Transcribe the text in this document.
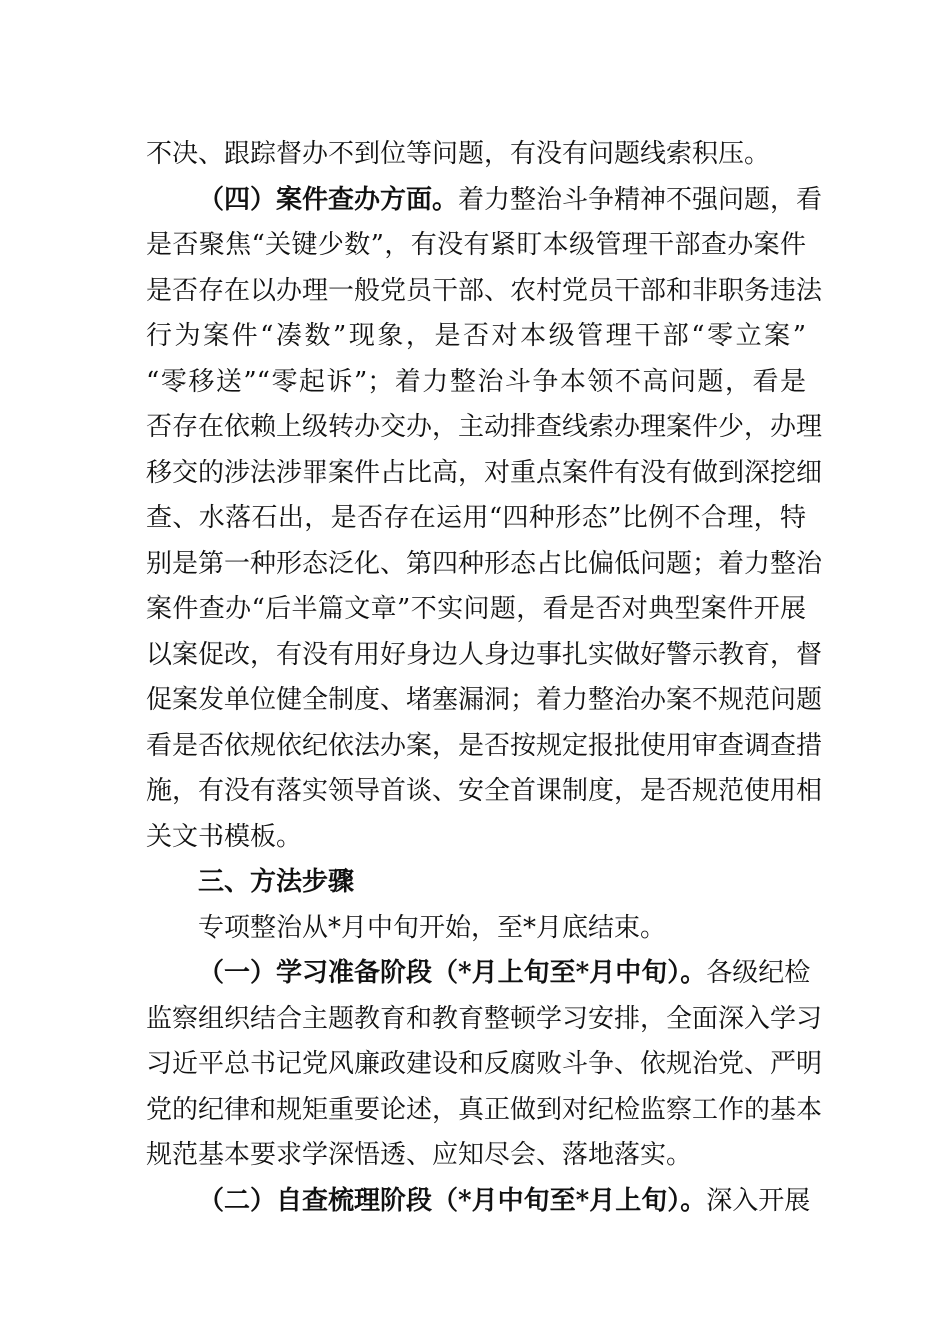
不决、跟踪督办不到位等问题，有没有问题线索积压。
（四）案件查办方面。着力整治斗争精神不强问题，看
是否聚焦“关键少数”，有没有紧盯本级管理干部查办案件
是否存在以办理一般党员干部、农村党员干部和非职务违法
行为案件“凑数”现象，是否对本级管理干部“零立案”
“零移送”“零起诉”；着力整治斗争本领不高问题，看是
否存在依赖上级转办交办，主动排查线索办理案件少，办理
移交的涉法涉罪案件占比高，对重点案件有没有做到深挖细
查、水落石出，是否存在运用“四种形态”比例不合理，特
别是第一种形态泛化、第四种形态占比偏低问题；着力整治
案件查办“后半篇文章”不实问题，看是否对典型案件开展
以案促改，有没有用好身边人身边事扎实做好警示教育，督
促案发单位健全制度、堵塞漏洞；着力整治办案不规范问题
看是否依规依纪依法办案，是否按规定报批使用审查调查措
施，有没有落实领导首谈、安全首课制度，是否规范使用相
关文书模板。
三、方法步骤
专项整治从*月中旬开始，至*月底结束。
（一）学习准备阶段（*月上旬至*月中旬）。各级纪检
监察组织结合主题教育和教育整顿学习安排，全面深入学习
习近平总书记党风廉政建设和反腐败斗争、依规治党、严明
党的纪律和规矩重要论述，真正做到对纪检监察工作的基本
规范基本要求学深悟透、应知尽会、落地落实。
（二）自查梳理阶段（*月中旬至*月上旬）。深入开展
